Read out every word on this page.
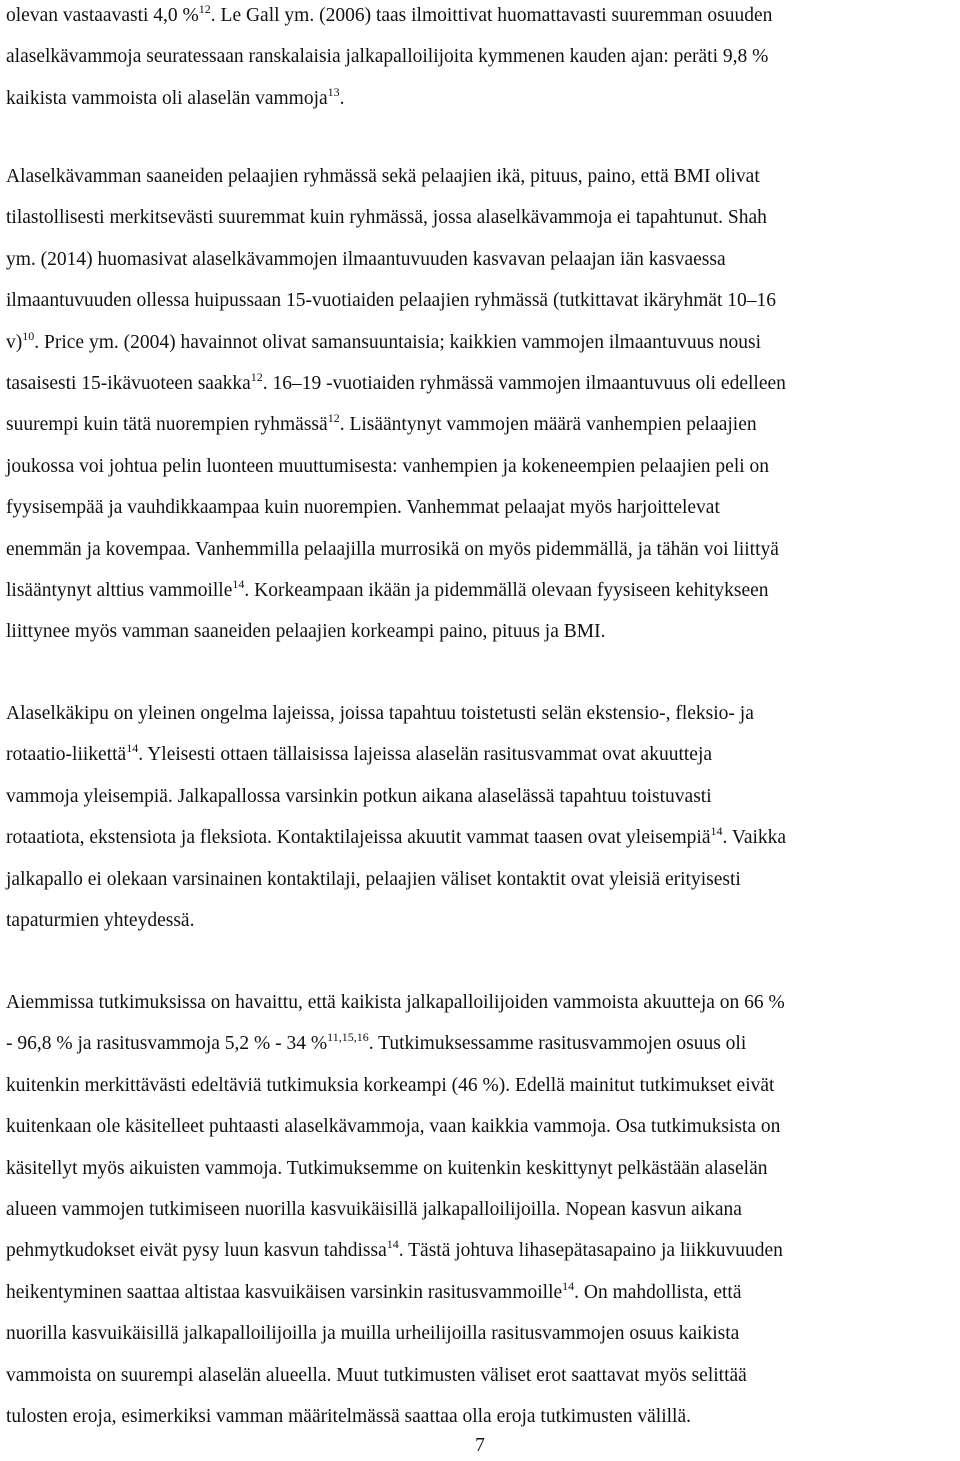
olevan vastaavasti 4,0 %$^{12}$. Le Gall ym. (2006) taas ilmoittivat huomattavasti suuremman osuuden
alaselkävammoja seuratessaan ranskalaisia jalkapalloilijoita kymmenen kauden ajan: peräti 9,8 %
kaikista vammoista oli alaselän vammoja$^{13}$.
Alaselkävamman saaneiden pelaajien ryhmässä sekä pelaajien ikä, pituus, paino, että BMI olivat
tilastollisesti merkitsevästi suuremmat kuin ryhmässä, jossa alaselkävammoja ei tapahtunut. Shah
ym. (2014) huomasivat alaselkävammojen ilmaantuvuuden kasvavan pelaajan iän kasvaessa
ilmaantuvuuden ollessa huipussaan 15-vuotiaiden pelaajien ryhmässä (tutkittavat ikäryhmät 10–16
v)$^{10}$. Price ym. (2004) havainnot olivat samansuuntaisia; kaikkien vammojen ilmaantuvuus nousi
tasaisesti 15-ikävuoteen saakka$^{12}$. 16–19 -vuotiaiden ryhmässä vammojen ilmaantuvuus oli edelleen
suurempi kuin tätä nuorempien ryhmässä$^{12}$. Lisääntynyt vammojen määrä vanhempien pelaajien
joukossa voi johtua pelin luonteen muuttumisesta: vanhempien ja kokeneempien pelaajien peli on
fyysisempää ja vauhdikkaampaa kuin nuorempien. Vanhemmat pelaajat myös harjoittelevat
enemmän ja kovempaa. Vanhemmilla pelaajilla murrosikä on myös pidemmällä, ja tähän voi liittyä
lisääntynyt alttius vammoille$^{14}$. Korkeampaan ikään ja pidemmällä olevaan fyysiseen kehitykseen
liittynee myös vamman saaneiden pelaajien korkeampi paino, pituus ja BMI.
Alaselkäkipu on yleinen ongelma lajeissa, joissa tapahtuu toistetusti selän ekstensio-, fleksio- ja
rotaatio-liikettä$^{14}$. Yleisesti ottaen tällaisissa lajeissa alaselän rasitusvammat ovat akuutteja
vammoja yleisempiä. Jalkapallossa varsinkin potkun aikana alaselässä tapahtuu toistuvasti
rotaatiota, ekstensiota ja fleksiota. Kontaktilajeissa akuutit vammat taasen ovat yleisempiä$^{14}$. Vaikka
jalkapallo ei olekaan varsinainen kontaktilaji, pelaajien väliset kontaktit ovat yleisiä erityisesti
tapaturmien yhteydessä.
Aiemmissa tutkimuksissa on havaittu, että kaikista jalkapalloilijoiden vammoista akuutteja on 66 %
- 96,8 % ja rasitusvammoja 5,2 % - 34 %$^{11,15,16}$. Tutkimuksessamme rasitusvammojen osuus oli
kuitenkin merkittävästi edeltäviä tutkimuksia korkeampi (46 %). Edellä mainitut tutkimukset eivät
kuitenkaan ole käsitelleet puhtaasti alaselkävammoja, vaan kaikkia vammoja. Osa tutkimuksista on
käsitellyt myös aikuisten vammoja. Tutkimuksemme on kuitenkin keskittynyt pelkästään alaselän
alueen vammojen tutkimiseen nuorilla kasvuikäisillä jalkapalloilijoilla. Nopean kasvun aikana
pehmytkudokset eivät pysy luun kasvun tahdissa$^{14}$. Tästä johtuva lihasepätasapaino ja liikkuvuuden
heikentyminen saattaa altistaa kasvuikäisen varsinkin rasitusvammoille$^{14}$. On mahdollista, että
nuorilla kasvuikäisillä jalkapalloilijoilla ja muilla urheilijoilla rasitusvammojen osuus kaikista
vammoista on suurempi alaselän alueella. Muut tutkimusten väliset erot saattavat myös selittää
tulosten eroja, esimerkiksi vamman määritelmässä saattaa olla eroja tutkimusten välillä.
7
